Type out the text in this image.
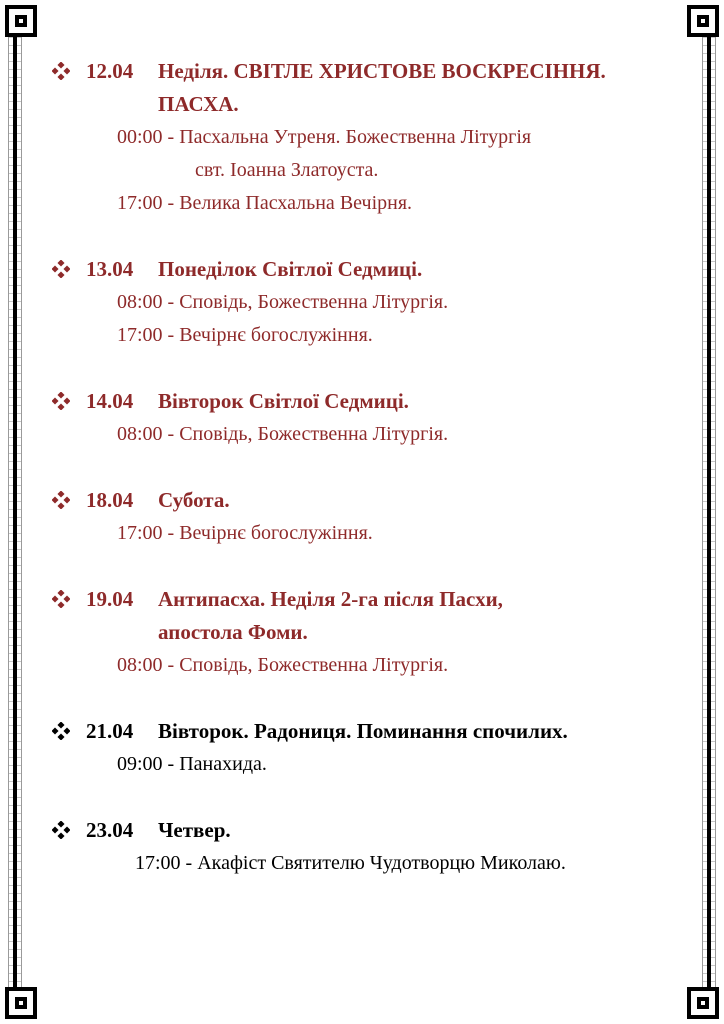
12.04 Неділя. СВІТЛЕ ХРИСТОВЕ ВОСКРЕСІННЯ.
ПАСХА.
00:00 - Пасхальна Утреня. Божественна Літургія
свт. Іоанна Златоуста.
17:00 - Велика Пасхальна Вечірня.
13.04 Понеділок Світлої Седмиці.
08:00 - Сповідь, Божественна Літургія.
17:00 - Вечірнє богослужіння.
14.04 Вівторок Світлої Седмиці.
08:00 - Сповідь, Божественна Літургія.
18.04 Субота.
17:00 - Вечірнє богослужіння.
19.04 Антипасха. Неділя 2-га після Пасхи,
апостола Фоми.
08:00 - Сповідь, Божественна Літургія.
21.04 Вівторок. Радониця. Поминання спочилих.
09:00 - Панахида.
23.04 Четвер.
17:00 - Акафіст Святителю Чудотворцю Миколаю.
